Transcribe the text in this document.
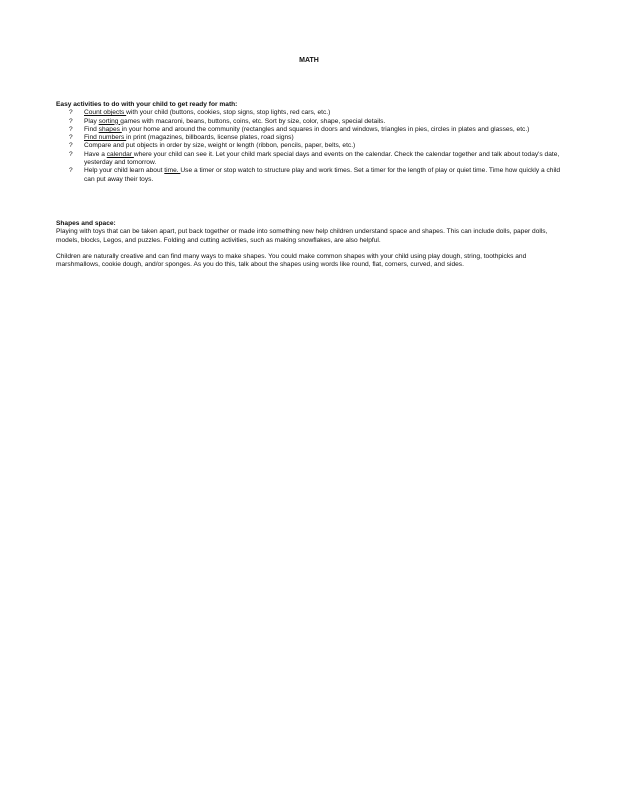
MATH

Easy activities to do with your child to get ready for math:

? Count objects with your child (buttons, cookies, stop signs, stop lights, red cars, etc.)
? Play sorting games with macaroni, beans, buttons, coins, etc. Sort by size, color, shape, special details.
? Find shapes in your home and around the community (rectangles and squares in doors and windows, triangles in pies, circles in plates and glasses, etc.)
? Find numbers in print (magazines, billboards, license plates, road signs)
? Compare and put objects in order by size, weight or length (ribbon, pencils, paper, belts, etc.)
? Have a calendar where your child can see it. Let your child mark special days and events on the calendar. Check the calendar together and talk about today's date, yesterday and tomorrow.
? Help your child learn about time. Use a timer or stop watch to structure play and work times. Set a timer for the length of play or quiet time. Time how quickly a child can put away their toys.

Shapes and space:

Playing with toys that can be taken apart, put back together or made into something new help children understand space and shapes. This can include dolls, paper dolls, models, blocks, Legos, and puzzles. Folding and cutting activities, such as making snowflakes, are also helpful.

Children are naturally creative and can find many ways to make shapes. You could make common shapes with your child using play dough, string, toothpicks and marshmallows, cookie dough, and/or sponges. As you do this, talk about the shapes using words like round, flat, corners, curved, and sides.
